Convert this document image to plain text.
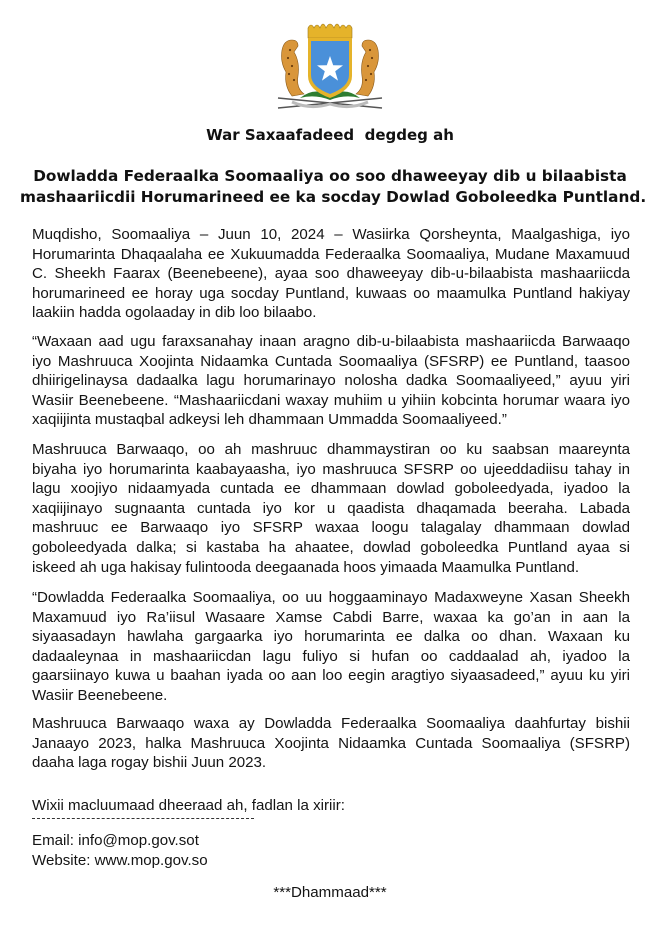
War Saxaafadeed  degdeg ah
Dowladda Federaalka Soomaaliya oo soo dhaweeyay dib u bilaabista
mashaariicdii Horumarineed ee ka socday Dowlad Goboleedka Puntland.
Muqdisho, Soomaaliya – Juun 10, 2024 – Wasiirka Qorsheynta, Maalgashiga, iyo
Horumarinta Dhaqaalaha ee Xukuumadda Federaalka Soomaaliya, Mudane Maxamuud
C. Sheekh Faarax (Beenebeene), ayaa soo dhaweeyay dib-u-bilaabista mashaariicda
horumarineed ee horay uga socday Puntland, kuwaas oo maamulka Puntland hakiyay
laakiin hadda ogolaaday in dib loo bilaabo.
“Waxaan aad ugu faraxsanahay inaan aragno dib-u-bilaabista mashaariicda Barwaaqo
iyo Mashruuca Xoojinta Nidaamka Cuntada Soomaaliya (SFSRP) ee Puntland, taasoo
dhiirigelinaysa dadaalka lagu horumarinayo nolosha dadka Soomaaliyeed,” ayuu yiri
Wasiir Beenebeene. “Mashaariicdani waxay muhiim u yihiin kobcinta horumar waara iyo
xaqiijinta mustaqbal adkeysi leh dhammaan Ummadda Soomaaliyeed.”
Mashruuca Barwaaqo, oo ah mashruuc dhammaystiran oo ku saabsan maareynta
biyaha iyo horumarinta kaabayaasha, iyo mashruuca SFSRP oo ujeeddadiisu tahay in
lagu xoojiyo nidaamyada cuntada ee dhammaan dowlad goboleedyada, iyadoo la
xaqiijinayo sugnaanta cuntada iyo kor u qaadista dhaqamada beeraha. Labada
mashruuc ee Barwaaqo iyo SFSRP waxaa loogu talagalay dhammaan dowlad
goboleedyada dalka; si kastaba ha ahaatee, dowlad goboleedka Puntland ayaa si
iskeed ah uga hakisay fulintooda deegaanada hoos yimaada Maamulka Puntland.
“Dowladda Federaalka Soomaaliya, oo uu hoggaaminayo Madaxweyne Xasan Sheekh
Maxamuud iyo Ra’iisul Wasaare Xamse Cabdi Barre, waxaa ka go’an in aan la
siyaasadayn hawlaha gargaarka iyo horumarinta ee dalka oo dhan. Waxaan ku
dadaaleynaa in mashaariicdan lagu fuliyo si hufan oo caddaalad ah, iyadoo la
gaarsiinayo kuwa u baahan iyada oo aan loo eegin aragtiyo siyaasadeed,” ayuu ku yiri
Wasiir Beenebeene.
Mashruuca Barwaaqo waxa ay Dowladda Federaalka Soomaaliya daahfurtay bishii
Janaayo 2023, halka Mashruuca Xoojinta Nidaamka Cuntada Soomaaliya (SFSRP)
daaha laga rogay bishii Juun 2023.
Wixii macluumaad dheeraad ah, fadlan la xiriir:
Email: info@mop.gov.sot
Website: www.mop.gov.so
***Dhammaad***
